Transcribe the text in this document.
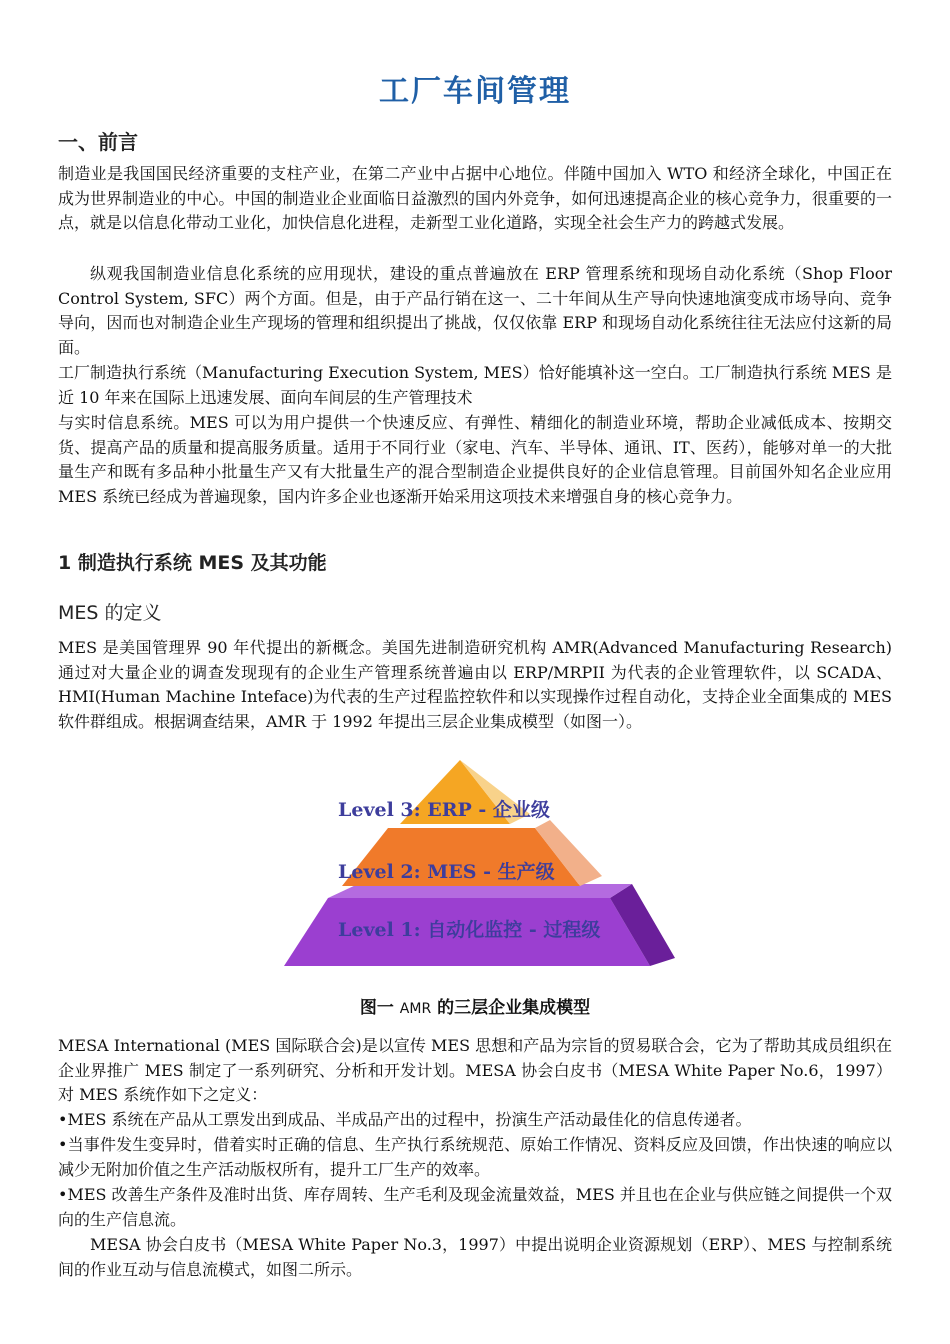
工厂车间管理
一、前言

制造业是我国国民经济重要的支柱产业，在第二产业中占据中心地位。伴随中国加入 WTO 和经济全球化，中国正在成为世界制造业的中心。中国的制造业企业面临日益激烈的国内外竞争，如何迅速提高企业的核心竞争力，很重要的一点，就是以信息化带动工业化，加快信息化进程，走新型工业化道路，实现全社会生产力的跨越式发展。

纵观我国制造业信息化系统的应用现状，建设的重点普遍放在 ERP 管理系统和现场自动化系统（Shop Floor Control System, SFC）两个方面。但是，由于产品行销在这一、二十年间从生产导向快速地演变成市场导向、竞争导向，因而也对制造企业生产现场的管理和组织提出了挑战，仅仅依靠 ERP 和现场自动化系统往往无法应付这新的局面。

工厂制造执行系统（Manufacturing Execution System, MES）恰好能填补这一空白。工厂制造执行系统 MES 是近 10 年来在国际上迅速发展、面向车间层的生产管理技术

与实时信息系统。MES 可以为用户提供一个快速反应、有弹性、精细化的制造业环境，帮助企业减低成本、按期交货、提高产品的质量和提高服务质量。适用于不同行业（家电、汽车、半导体、通讯、IT、医药），能够对单一的大批量生产和既有多品种小批量生产又有大批量生产的混合型制造企业提供良好的企业信息管理。目前国外知名企业应用 MES 系统已经成为普遍现象，国内许多企业也逐渐开始采用这项技术来增强自身的核心竞争力。

1 制造执行系统 MES 及其功能
MES 的定义

MES 是美国管理界 90 年代提出的新概念。美国先进制造研究机构 AMR(Advanced Manufacturing Research)通过对大量企业的调查发现现有的企业生产管理系统普遍由以 ERP/MRPII 为代表的企业管理软件，以 SCADA、HMI(Human Machine Inteface)为代表的生产过程监控软件和以实现操作过程自动化，支持企业全面集成的 MES 软件群组成。根据调查结果，AMR 于 1992 年提出三层企业集成模型（如图一）。

Level 3: ERP - 企业级
Level 2: MES - 生产级
Level 1: 自动化监控 - 过程级
图一 AMR 的三层企业集成模型

MESA International (MES 国际联合会)是以宣传 MES 思想和产品为宗旨的贸易联合会，它为了帮助其成员组织在企业界推广 MES 制定了一系列研究、分析和开发计划。MESA 协会白皮书（MESA White Paper No.6，1997）对 MES 系统作如下之定义：

•MES 系统在产品从工票发出到成品、半成品产出的过程中，扮演生产活动最佳化的信息传递者。

•当事件发生变异时，借着实时正确的信息、生产执行系统规范、原始工作情况、资料反应及回馈，作出快速的响应以减少无附加价值之生产活动版权所有，提升工厂生产的效率。

•MES 改善生产条件及准时出货、库存周转、生产毛利及现金流量效益，MES 并且也在企业与供应链之间提供一个双向的生产信息流。

MESA 协会白皮书（MESA White Paper No.3，1997）中提出说明企业资源规划（ERP）、MES 与控制系统间的作业互动与信息流模式，如图二所示。
